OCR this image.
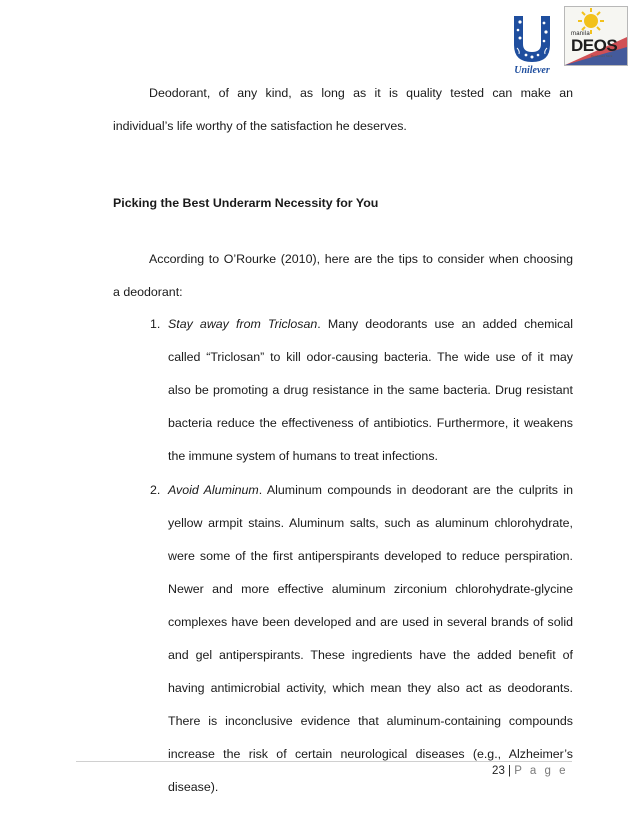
Unilever
manila
DEOS
Deodorant Stick

Deodorant, of any kind, as long as it is quality tested can make an

individual’s life worthy of the satisfaction he deserves.

Picking the Best Underarm Necessity for You

According to O’Rourke (2010), here are the tips to consider when choosing

a deodorant:

1. Stay away from Triclosan. Many deodorants use an added chemical
called “Triclosan” to kill odor-causing bacteria. The wide use of it may
also be promoting a drug resistance in the same bacteria. Drug resistant
bacteria reduce the effectiveness of antibiotics. Furthermore, it weakens
the immune system of humans to treat infections.
2. Avoid Aluminum. Aluminum compounds in deodorant are the culprits in
yellow armpit stains. Aluminum salts, such as aluminum chlorohydrate,
were some of the first antiperspirants developed to reduce perspiration.
Newer and more effective aluminum zirconium chlorohydrate-glycine
complexes have been developed and are used in several brands of solid
and gel antiperspirants. These ingredients have the added benefit of
having antimicrobial activity, which mean they also act as deodorants.
There is inconclusive evidence that aluminum-containing compounds
increase the risk of certain neurological diseases (e.g., Alzheimer’s
disease).
23 | P a g e
